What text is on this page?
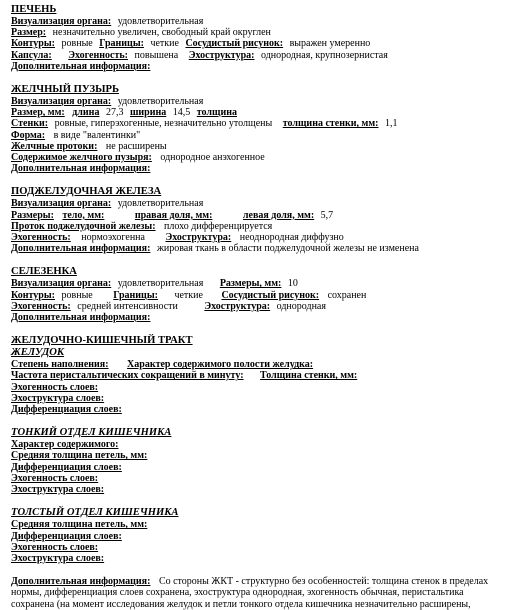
ПЕЧЕНЬ
Визуализация органа: удовлетворительная
Размер: незначительно увеличен, свободный край округлен
Контуры: ровные Границы: четкие Сосудистый рисунок: выражен умеренно
Капсула: Эхогенность: повышена Эхоструктура: однородная, крупнозернистая
Дополнительная информация:
ЖЕЛЧНЫЙ ПУЗЫРЬ
Визуализация органа: удовлетворительная
Размер, мм: длина 27,3 ширина 14,5 толщина
Стенки: ровные, гиперэхогенные, незначительно утолщены толщина стенки, мм: 1,1
Форма: в виде "валентинки"
Желчные протоки: не расширены
Содержимое желчного пузыря: однородное анэхогенное
Дополнительная информация:
ПОДЖЕЛУДОЧНАЯ ЖЕЛЕЗА
Визуализация органа: удовлетворительная
Размеры: тело, мм:	правая доля, мм:	левая доля, мм: 5,7
Проток поджелудочной железы: плохо дифференцируется
Эхогенность: нормоэхогенна Эхоструктура: неоднородная диффузно
Дополнительная информация: жировая ткань в области поджелудочной железы не изменена
СЕЛЕЗЕНКА
Визуализация органа: удовлетворительная Размеры, мм: 10
Контуры: ровные Границы: четкие Сосудистый рисунок: сохранен
Эхогенность: средней интенсивности	Эхоструктура: однородная
Дополнительная информация:
ЖЕЛУДОЧНО-КИШЕЧНЫЙ ТРАКТ
ЖЕЛУДОК
Степень наполнения: Характер содержимого полости желудка:
Частота перистальтических сокращений в минуту: Толщина стенки, мм:
Эхогенность слоев:
Эхоструктура слоев:
Дифференциация слоев:
ТОНКИЙ ОТДЕЛ КИШЕЧНИКА
Характер содержимого:
Средняя толщина петель, мм:
Дифференциация слоев:
Эхогенность слоев:
Эхоструктура слоев:
ТОЛСТЫЙ ОТДЕЛ КИШЕЧНИКА
Средняя толщина петель, мм:
Дифференциация слоев:
Эхогенность слоев:
Эхоструктура слоев:
Дополнительная информация: Со стороны ЖКТ - структурно без особенностей: толщина стенок в пределах нормы, дифференциация слоев сохранена, эхоструктура однородная, эхогенность обычная, перистальтика сохранена (на момент исследования желудок и петли тонкого отдела кишечника незначительно расширены,
